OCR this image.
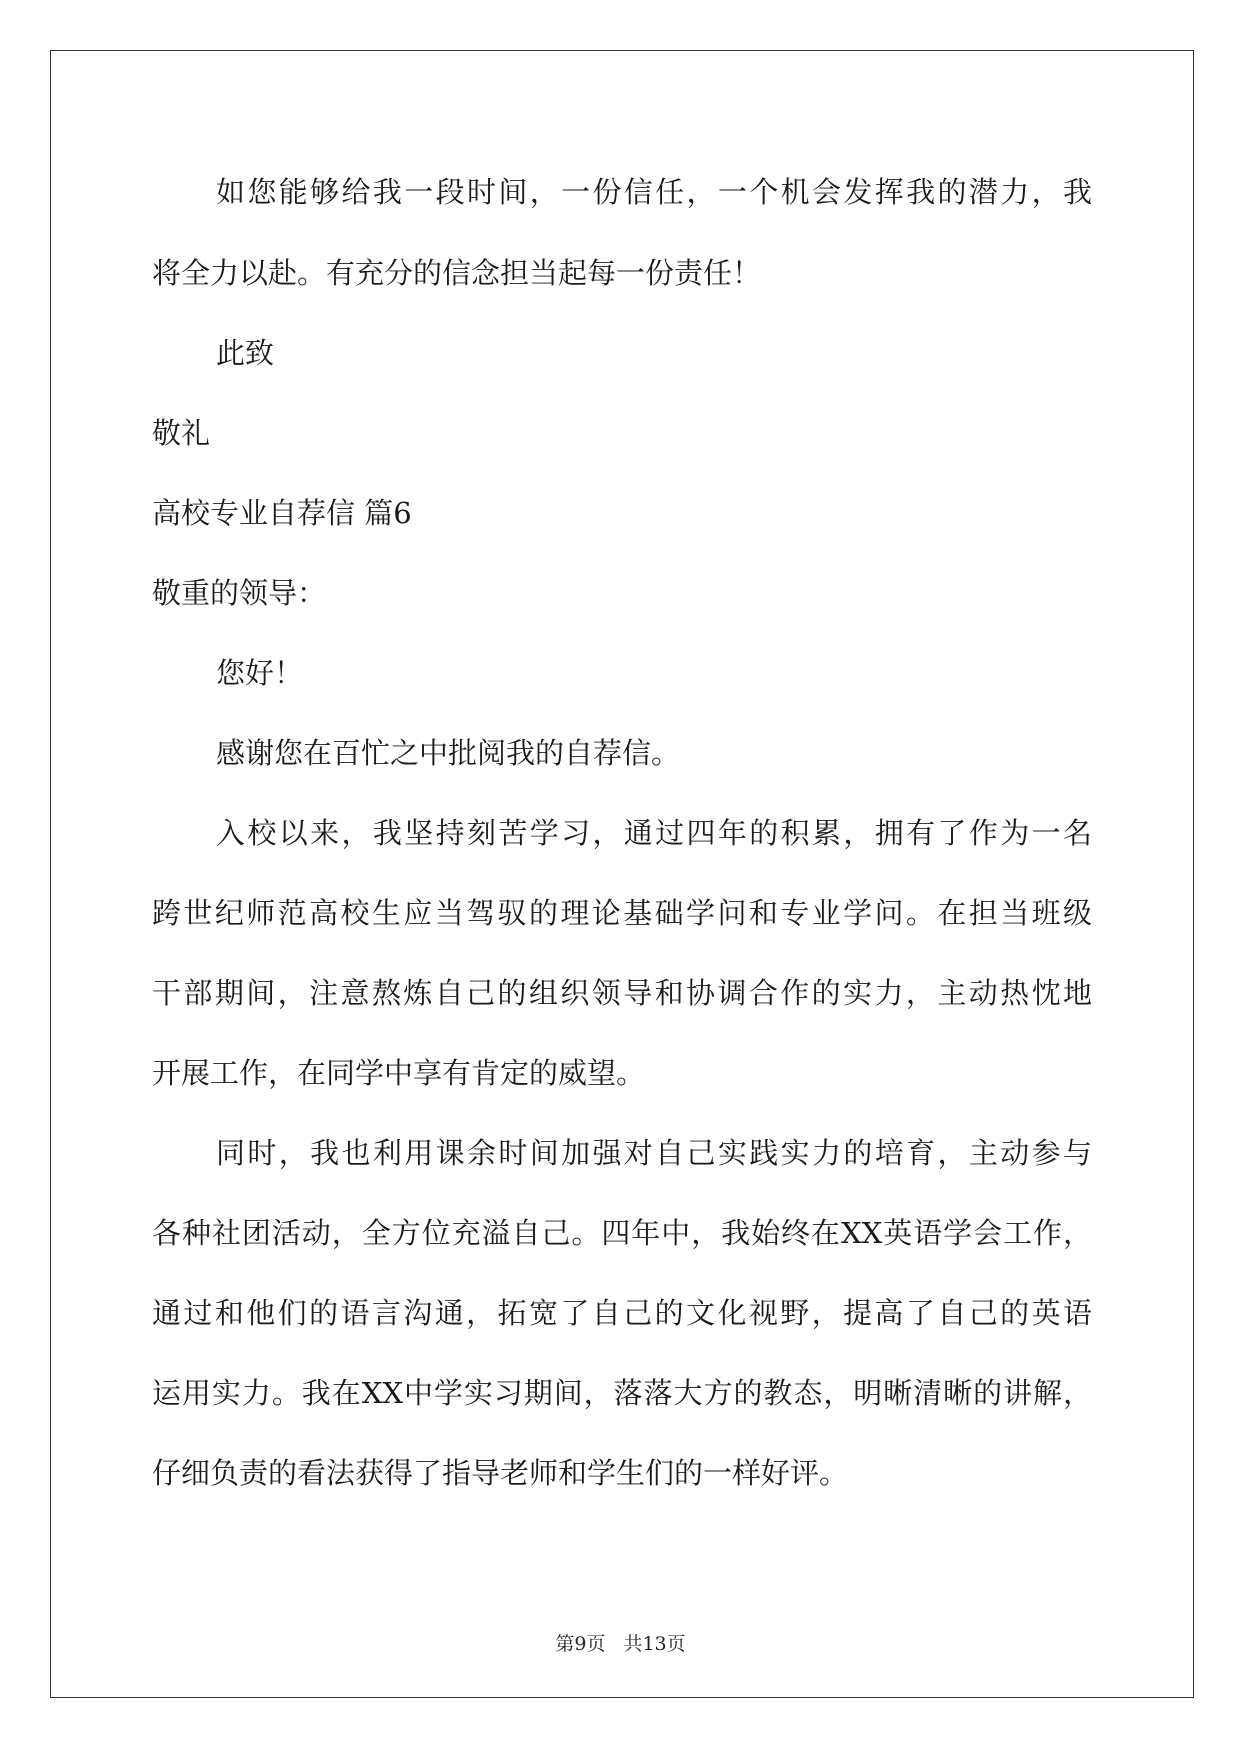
如您能够给我一段时间，一份信任，一个机会发挥我的潜力，我
将全力以赴。有充分的信念担当起每一份责任！
此致
敬礼
高校专业自荐信 篇6
敬重的领导：
您好！
感谢您在百忙之中批阅我的自荐信。
入校以来，我坚持刻苦学习，通过四年的积累，拥有了作为一名
跨世纪师范高校生应当驾驭的理论基础学问和专业学问。在担当班级
干部期间，注意熬炼自己的组织领导和协调合作的实力，主动热忱地
开展工作，在同学中享有肯定的威望。
同时，我也利用课余时间加强对自己实践实力的培育，主动参与
各种社团活动，全方位充溢自己。四年中，我始终在XX英语学会工作，
通过和他们的语言沟通，拓宽了自己的文化视野，提高了自己的英语
运用实力。我在XX中学实习期间，落落大方的教态，明晰清晰的讲解，
仔细负责的看法获得了指导老师和学生们的一样好评。
第9页 共13页
